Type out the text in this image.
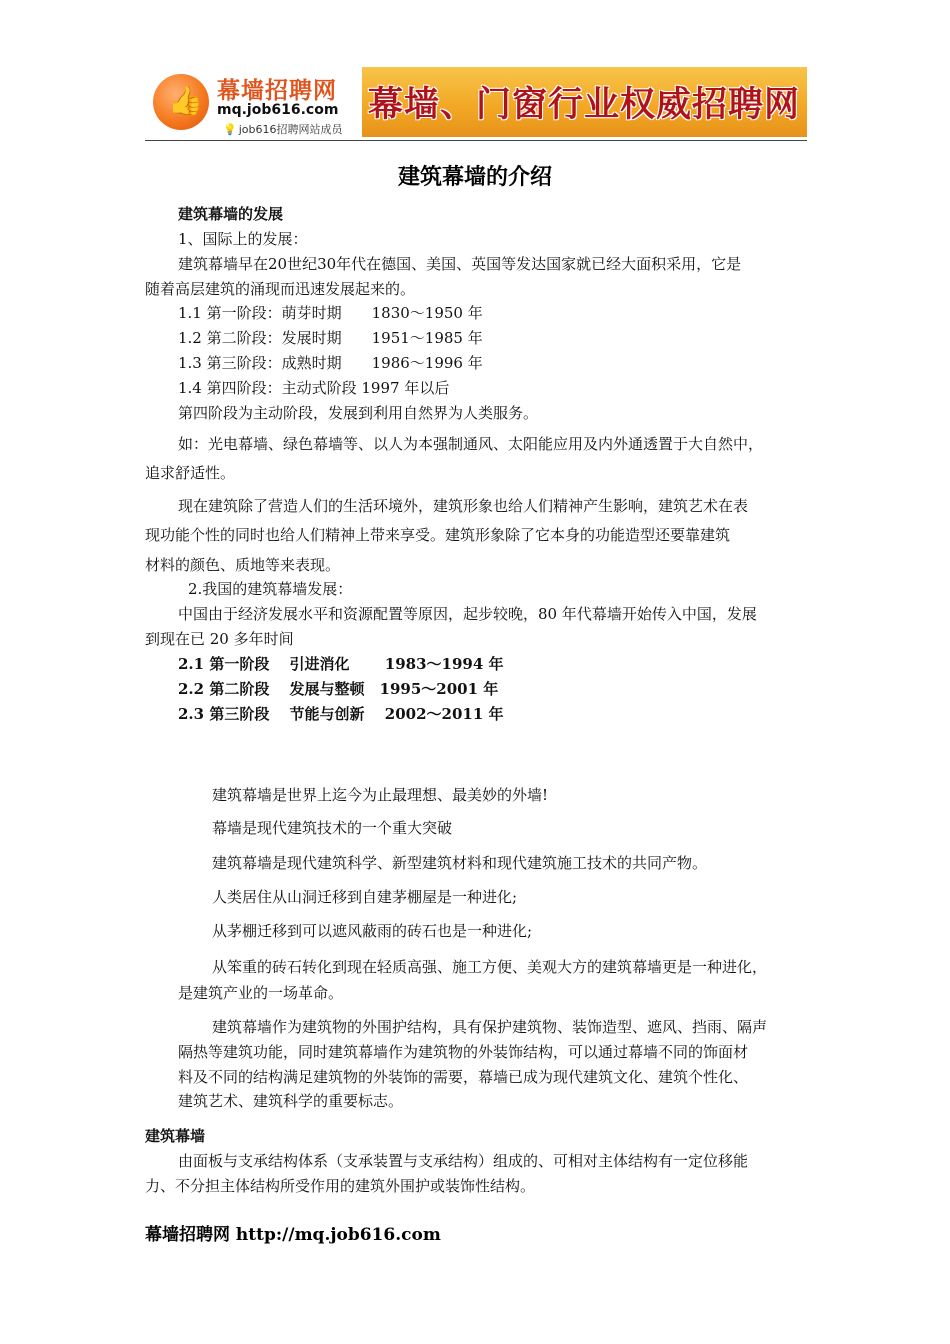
👍 幕墙招聘网
mq.job616.com
💡 job616招聘网站成员
幕墙、门窗行业权威招聘网
建筑幕墙的介绍
建筑幕墙的发展
1、国际上的发展：
建筑幕墙早在20世纪30年代在德国、美国、英国等发达国家就已经大面积采用，它是
随着高层建筑的涌现而迅速发展起来的。
1.1 第一阶段：萌芽时期　　1830～1950 年
1.2 第二阶段：发展时期　　1951～1985 年
1.3 第三阶段：成熟时期　　1986～1996 年
1.4 第四阶段：主动式阶段 1997 年以后
第四阶段为主动阶段，发展到利用自然界为人类服务。
如：光电幕墙、绿色幕墙等、以人为本强制通风、太阳能应用及内外通透置于大自然中，
追求舒适性。
现在建筑除了营造人们的生活环境外，建筑形象也给人们精神产生影响，建筑艺术在表
现功能个性的同时也给人们精神上带来享受。建筑形象除了它本身的功能造型还要靠建筑
材料的颜色、质地等来表现。
2.我国的建筑幕墙发展：
中国由于经济发展水平和资源配置等原因，起步较晚，80 年代幕墙开始传入中国，发展
到现在已 20 多年时间
2.1 第一阶段　 引进消化　　 1983～1994 年
2.2 第二阶段　 发展与整顿　1995～2001 年
2.3 第三阶段　 节能与创新　 2002～2011 年
建筑幕墙是世界上迄今为止最理想、最美妙的外墙!
幕墙是现代建筑技术的一个重大突破
建筑幕墙是现代建筑科学、新型建筑材料和现代建筑施工技术的共同产物。
人类居住从山洞迁移到自建茅棚屋是一种进化;
从茅棚迁移到可以遮风蔽雨的砖石也是一种进化;
从笨重的砖石转化到现在轻质高强、施工方便、美观大方的建筑幕墙更是一种进化，
是建筑产业的一场革命。
建筑幕墙作为建筑物的外围护结构，具有保护建筑物、装饰造型、遮风、挡雨、隔声
隔热等建筑功能，同时建筑幕墙作为建筑物的外装饰结构，可以通过幕墙不同的饰面材
料及不同的结构满足建筑物的外装饰的需要，幕墙已成为现代建筑文化、建筑个性化、
建筑艺术、建筑科学的重要标志。
建筑幕墙
由面板与支承结构体系（支承装置与支承结构）组成的、可相对主体结构有一定位移能
力、不分担主体结构所受作用的建筑外围护或装饰性结构。
幕墙招聘网 http://mq.job616.com
